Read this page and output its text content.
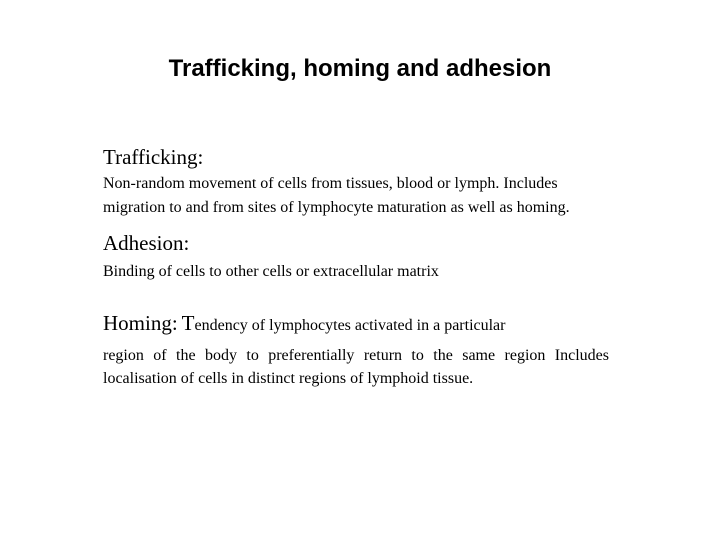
Trafficking, homing and adhesion
Trafficking:

Non-random movement of cells from tissues, blood or lymph. Includes migration to and from sites of lymphocyte maturation as well as homing.

Adhesion:

Binding of cells to other cells or extracellular matrix

Homing: Tendency of lymphocytes activated in a particular

region of the body to preferentially return to the same region Includes localisation of cells in distinct regions of lymphoid tissue.
